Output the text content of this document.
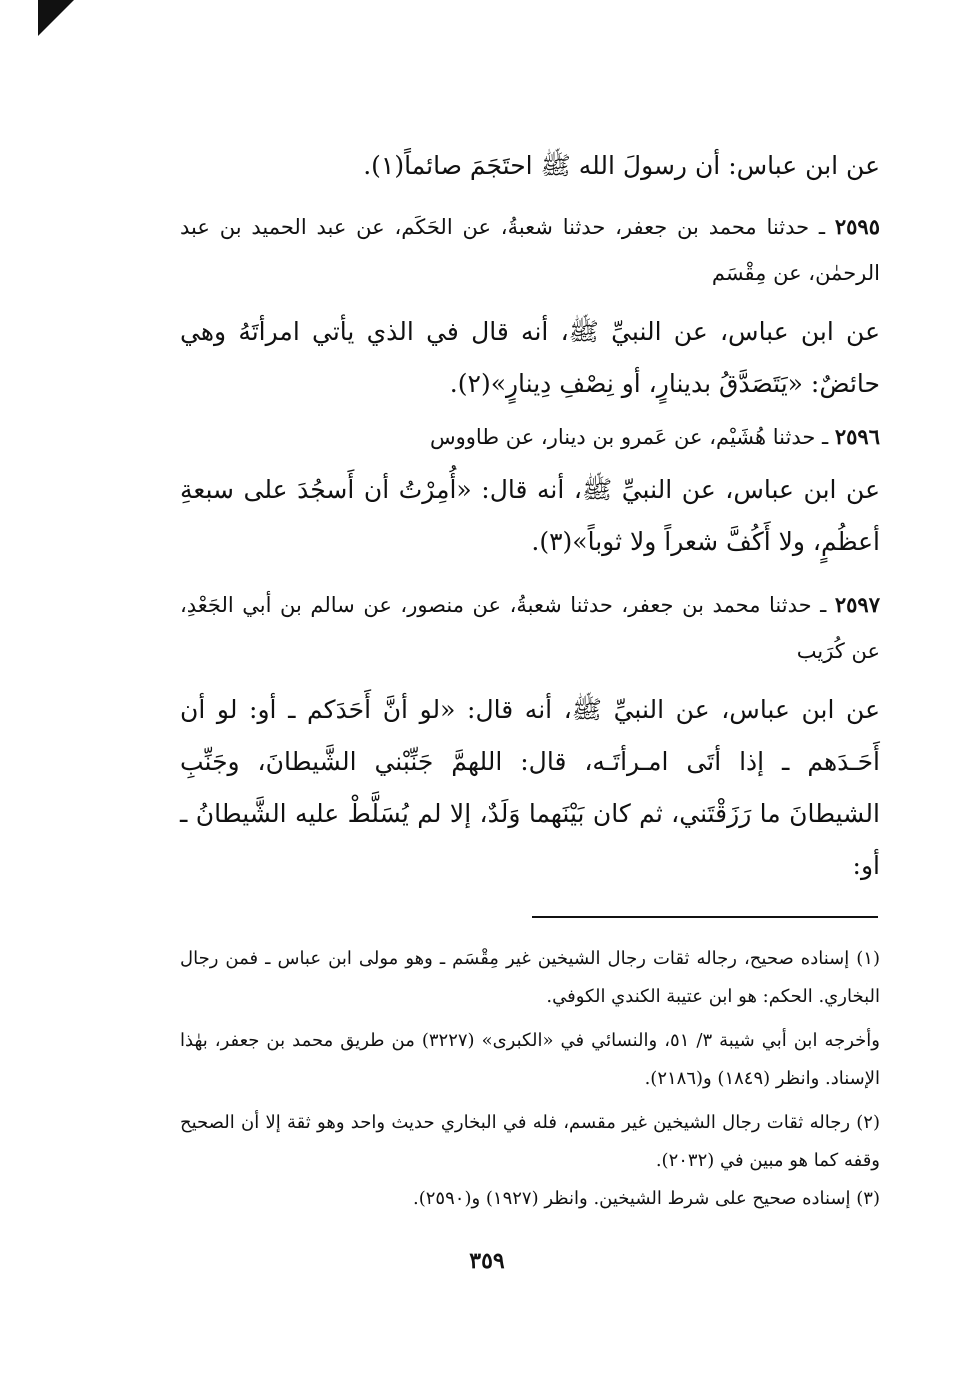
عن ابن عباس: أن رسولَ الله ﷺ احتَجَمَ صائماً(١).

٢٥٩٥ ـ حدثنا محمد بن جعفر، حدثنا شعبةُ، عن الحَكَم، عن عبد الحميد بن عبد الرحمٰن، عن مِقْسَم

عن ابن عباس، عن النبيِّ ﷺ، أنه قال في الذي يأتي امرأتَهُ وهي حائضٌ: «يَتَصَدَّقُ بدينارٍ، أو نِصْفِ دِينارٍ»(٢).

٢٥٩٦ ـ حدثنا هُشَيْم، عن عَمرو بن دينار، عن طاووس

عن ابن عباس، عن النبيِّ ﷺ، أنه قال: «أُمِرْتُ أن أَسجُدَ على سبعةِ أعظُمٍ، ولا أَكُفَّ شعراً ولا ثوباً»(٣).

٢٥٩٧ ـ حدثنا محمد بن جعفر، حدثنا شعبةُ، عن منصور، عن سالم بن أبي الجَعْدِ، عن كُرَيب

عن ابن عباس، عن النبيِّ ﷺ، أنه قال: «لو أنَّ أَحَدَكم ـ أو: لو أن أَحَـدَهم ـ إذا أتَى امـرأتَـه، قال: اللهمَّ جَنِّبْني الشَّيطانَ، وجَنِّبِ الشيطانَ ما رَزَقْتَني، ثم كان بَيْنَهما وَلَدٌ، إلا لم يُسَلَّطْ عليه الشَّيطانُ ـ أو:

(١) إسناده صحيح، رجاله ثقات رجال الشيخين غير مِقْسَم ـ وهو مولى ابن عباس ـ فمن رجال البخاري. الحكم: هو ابن عتيبة الكندي الكوفي.

وأخرجه ابن أبي شيبة ٣/ ٥١، والنسائي في «الكبرى» (٣٢٢٧) من طريق محمد بن جعفر، بهٰذا الإسناد. وانظر (١٨٤٩) و(٢١٨٦).

(٢) رجاله ثقات رجال الشيخين غير مقسم، فله في البخاري حديث واحد وهو ثقة إلا أن الصحيح وقفه كما هو مبين في (٢٠٣٢).

(٣) إسناده صحيح على شرط الشيخين. وانظر (١٩٢٧) و(٢٥٩٠).

٣٥٩
